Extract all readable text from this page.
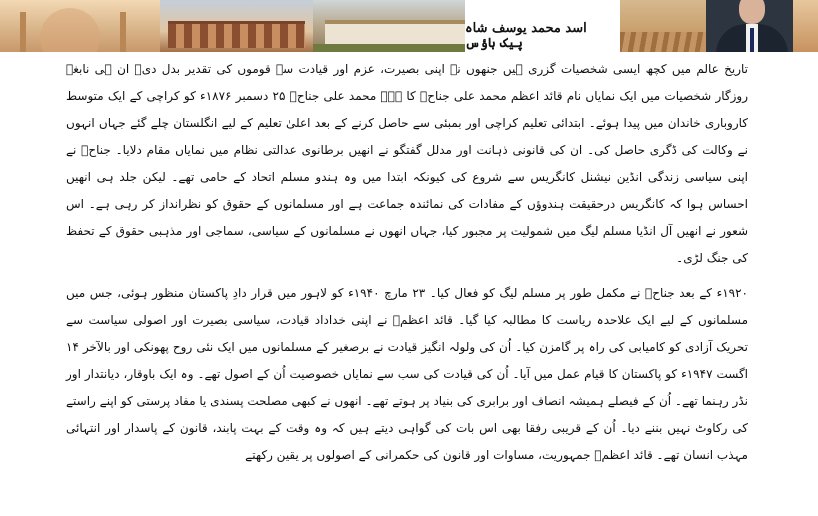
اسد محمد یوسف شاہ
پیک ہاؤس

تاریخ عالم میں کچھ ایسی شخصیات گزری ہیں جنھوں نے اپنی بصیرت، عزم اور قیادت سے قوموں کی تقدیر بدل دی۔ ان ہی نابغہ روزگار شخصیات میں ایک نمایاں نام قائد اعظم محمد علی جناحؒ کا ہے۔ محمد علی جناحؒ ۲۵ دسمبر ۱۸۷۶ء کو کراچی کے ایک متوسط کاروباری خاندان میں پیدا ہوئے۔ ابتدائی تعلیم کراچی اور بمبئی سے حاصل کرنے کے بعد اعلیٰ تعلیم کے لیے انگلستان چلے گئے جہاں انہوں نے وکالت کی ڈگری حاصل کی۔ ان کی قانونی ذہانت اور مدلل گفتگو نے انھیں برطانوی عدالتی نظام میں نمایاں مقام دلایا۔ جناحؒ نے اپنی سیاسی زندگی انڈین نیشنل کانگریس سے شروع کی کیونکہ ابتدا میں وہ ہندو مسلم اتحاد کے حامی تھے۔ لیکن جلد ہی انھیں احساس ہوا کہ کانگریس درحقیقت ہندوؤں کے مفادات کی نمائندہ جماعت ہے اور مسلمانوں کے حقوق کو نظرانداز کر رہی ہے۔ اس شعور نے انھیں آل انڈیا مسلم لیگ میں شمولیت پر مجبور کیا، جہاں انھوں نے مسلمانوں کے سیاسی، سماجی اور مذہبی حقوق کے تحفظ کی جنگ لڑی۔

۱۹۲۰ء کے بعد جناحؒ نے مکمل طور پر مسلم لیگ کو فعال کیا۔ ۲۳ مارچ ۱۹۴۰ء کو لاہور میں قرار دادِ پاکستان منظور ہوئی، جس میں مسلمانوں کے لیے ایک علاحدہ ریاست کا مطالبہ کیا گیا۔ قائد اعظمؒ نے اپنی خداداد قیادت، سیاسی بصیرت اور اصولی سیاست سے تحریک آزادی کو کامیابی کی راہ پر گامزن کیا۔ اُن کی ولولہ انگیز قیادت نے برصغیر کے مسلمانوں میں ایک نئی روح پھونکی اور بالآخر ۱۴ اگست ۱۹۴۷ء کو پاکستان کا قیام عمل میں آیا۔ اُن کی قیادت کی سب سے نمایاں خصوصیت اُن کے اصول تھے۔ وہ ایک باوقار، دیانتدار اور نڈر رہنما تھے۔ اُن کے فیصلے ہمیشہ انصاف اور برابری کی بنیاد پر ہوتے تھے۔ انھوں نے کبھی مصلحت پسندی یا مفاد پرستی کو اپنے راستے کی رکاوٹ نہیں بننے دیا۔ اُن کے قریبی رفقا بھی اس بات کی گواہی دیتے ہیں کہ وہ وقت کے بہت پابند، قانون کے پاسدار اور انتہائی مہذب انسان تھے۔ قائد اعظمؒ جمہوریت، مساوات اور قانون کی حکمرانی کے اصولوں پر یقین رکھتے
